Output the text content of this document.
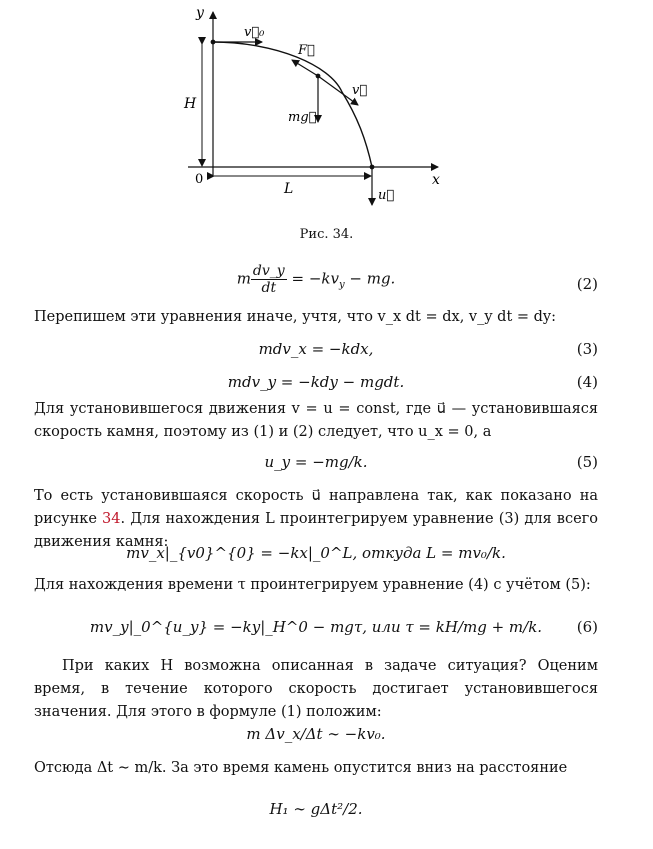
y
x
H
L
0
v⃗₀
F⃗
v⃗
mg⃗
u⃗
Рис. 34.
m $\frac{dv\_y}{dt} = -kv_y$ − mg.	(2)
Перепишем эти уравнения иначе, учтя, что v_x dt = dx, v_y dt = dy:
mdv_x = −kdx,	(3)
mdv_y = −kdy − mgdt.	(4)
Для установившегося движения v = u = const, где u⃗ — установившаяся скорость камня, поэтому из (1) и (2) следует, что u_x = 0, а
u_y = −mg/k.	(5)
То есть установившаяся скорость u⃗ направлена так, как показано на рисунке 34. Для нахождения L проинтегрируем уравнение (3) для всего движения камня:
mv_x|_{v0}^{0} = −kx|_0^L, откуда L = mv₀/k.
Для нахождения времени τ проинтегрируем уравнение (4) с учётом (5):
mv_y|_0^{u_y} = −ky|_H^0 − mgτ, или τ = kH/mg + m/k.	(6)
При каких H возможна описанная в задаче ситуация? Оценим время, в течение которого скорость достигает установившегося значения. Для этого в формуле (1) положим:
m Δv_x/Δt ∼ −kv₀.
Отсюда Δt ∼ m/k. За это время камень опустится вниз на расстояние
H₁ ∼ gΔt²/2.
